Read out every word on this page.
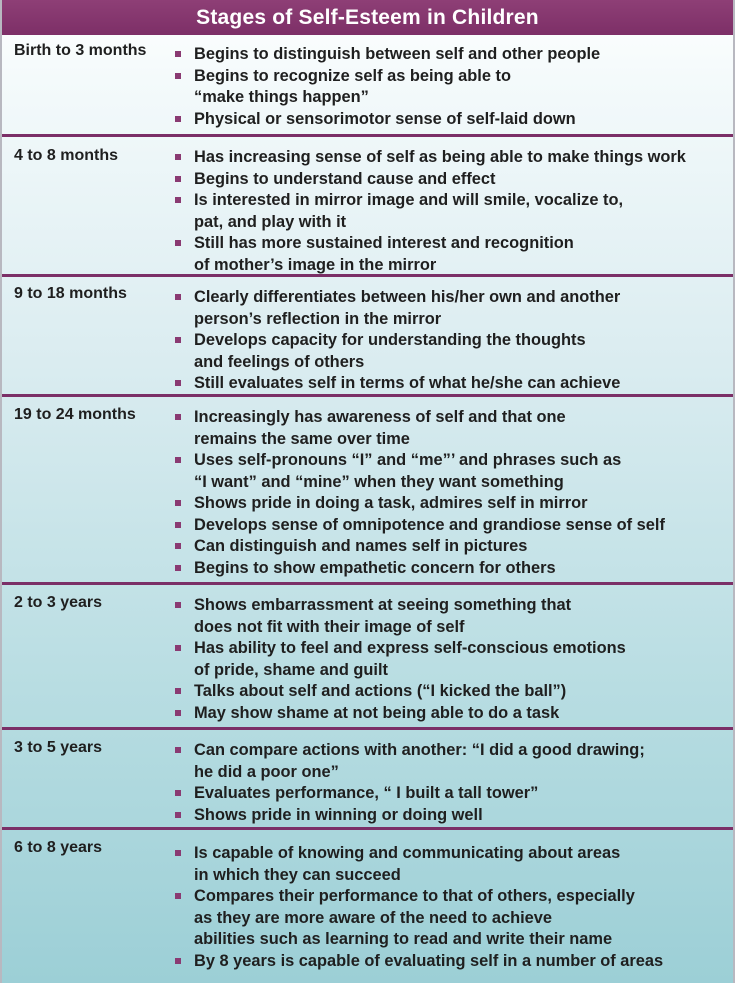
Stages of Self-Esteem in Children
Birth to 3 months	Begins to distinguish between self and other people
Begins to recognize self as being able to
“make things happen”
Physical or sensorimotor sense of self-laid down
4 to 8 months	Has increasing sense of self as being able to make things work
Begins to understand cause and effect
Is interested in mirror image and will smile, vocalize to,
pat, and play with it
Still has more sustained interest and recognition
of mother’s image in the mirror
9 to 18 months	Clearly differentiates between his/her own and another
person’s reflection in the mirror
Develops capacity for understanding the thoughts
and feelings of others
Still evaluates self in terms of what he/she can achieve
19 to 24 months	Increasingly has awareness of self and that one
remains the same over time
Uses self-pronouns “I” and “me”’ and phrases such as
“I want” and “mine” when they want something
Shows pride in doing a task, admires self in mirror
Develops sense of omnipotence and grandiose sense of self
Can distinguish and names self in pictures
Begins to show empathetic concern for others
2 to 3 years	Shows embarrassment at seeing something that
does not fit with their image of self
Has ability to feel and express self-conscious emotions
of pride, shame and guilt
Talks about self and actions (“I kicked the ball”)
May show shame at not being able to do a task
3 to 5 years	Can compare actions with another: “I did a good drawing;
he did a poor one”
Evaluates performance, “ I built a tall tower”
Shows pride in winning or doing well
6 to 8 years	Is capable of knowing and communicating about areas
in which they can succeed
Compares their performance to that of others, especially
as they are more aware of the need to achieve
abilities such as learning to read and write their name
By 8 years is capable of evaluating self in a number of areas
